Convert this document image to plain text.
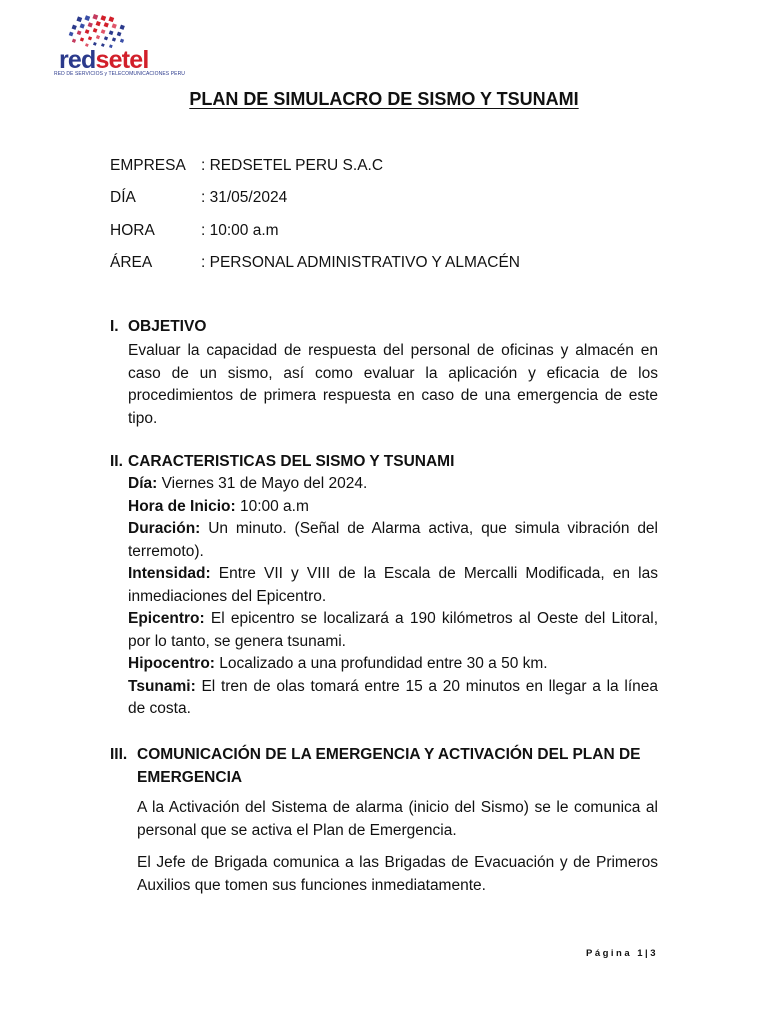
redsetel
RED DE SERVICIOS y TELECOMUNICACIONES PERU
PLAN DE SIMULACRO DE SISMO Y TSUNAMI
EMPRESA : REDSETEL PERU S.A.C
DÍA	: 31/05/2024
HORA	: 10:00 a.m
ÁREA	: PERSONAL ADMINISTRATIVO Y ALMACÉN
I. OBJETIVO
Evaluar la capacidad de respuesta del personal de oficinas y almacén en caso de un sismo, así como evaluar la aplicación y eficacia de los procedimientos de primera respuesta en caso de una emergencia de este tipo.
II. CARACTERISTICAS DEL SISMO Y TSUNAMI

Día: Viernes 31 de Mayo del 2024.

Hora de Inicio: 10:00 a.m

Duración: Un minuto. (Señal de Alarma activa, que simula vibración del terremoto).

Intensidad: Entre VII y VIII de la Escala de Mercalli Modificada, en las inmediaciones del Epicentro.

Epicentro: El epicentro se localizará a 190 kilómetros al Oeste del Litoral, por lo tanto, se genera tsunami.

Hipocentro: Localizado a una profundidad entre 30 a 50 km.

Tsunami: El tren de olas tomará entre 15 a 20 minutos en llegar a la línea de costa.

III. COMUNICACIÓN DE LA EMERGENCIA Y ACTIVACIÓN DEL PLAN DE EMERGENCIA

A la Activación del Sistema de alarma (inicio del Sismo) se le comunica al personal que se activa el Plan de Emergencia.

El Jefe de Brigada comunica a las Brigadas de Evacuación y de Primeros Auxilios que tomen sus funciones inmediatamente.

Página 1|3
